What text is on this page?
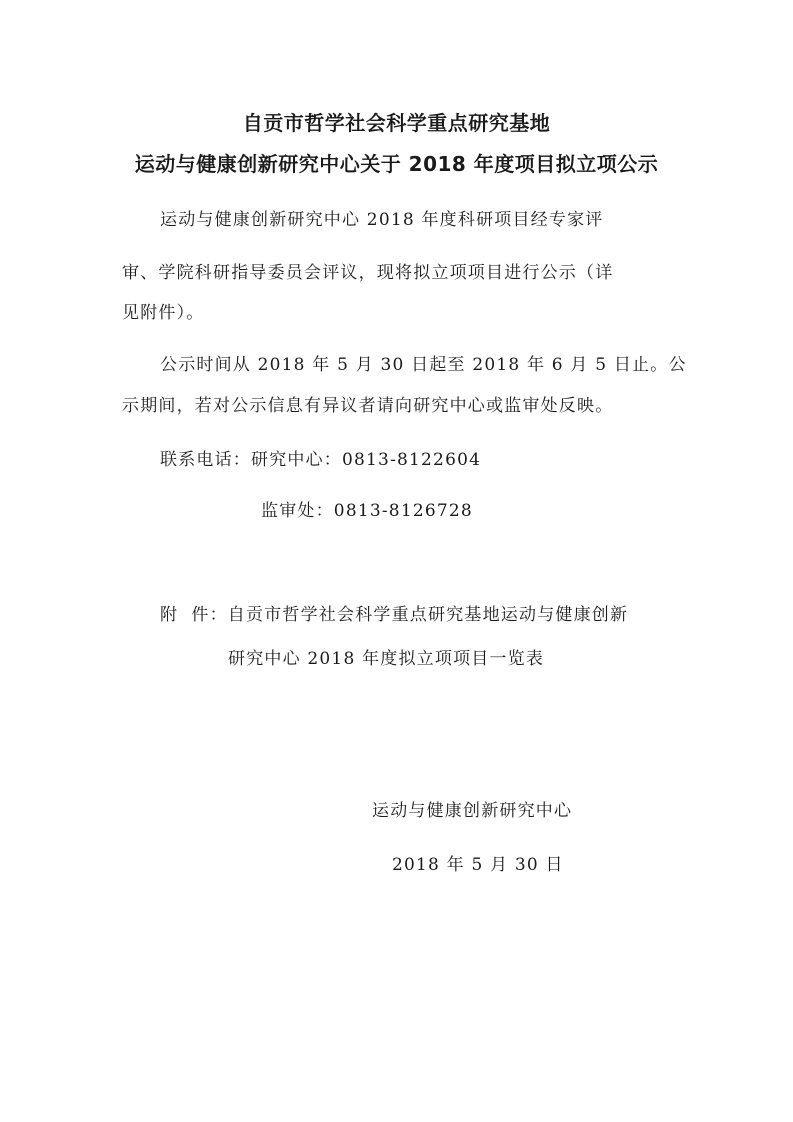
自贡市哲学社会科学重点研究基地
运动与健康创新研究中心关于 2018 年度项目拟立项公示
运动与健康创新研究中心 2018 年度科研项目经专家评
审、学院科研指导委员会评议，现将拟立项项目进行公示（详
见附件）。
公示时间从 2018 年 5 月 30 日起至 2018 年 6 月 5 日止。公
示期间，若对公示信息有异议者请向研究中心或监审处反映。
联系电话：研究中心：0813-8122604
监审处：0813-8126728
附  件：自贡市哲学社会科学重点研究基地运动与健康创新
研究中心 2018 年度拟立项项目一览表
运动与健康创新研究中心
2018 年 5 月 30 日
